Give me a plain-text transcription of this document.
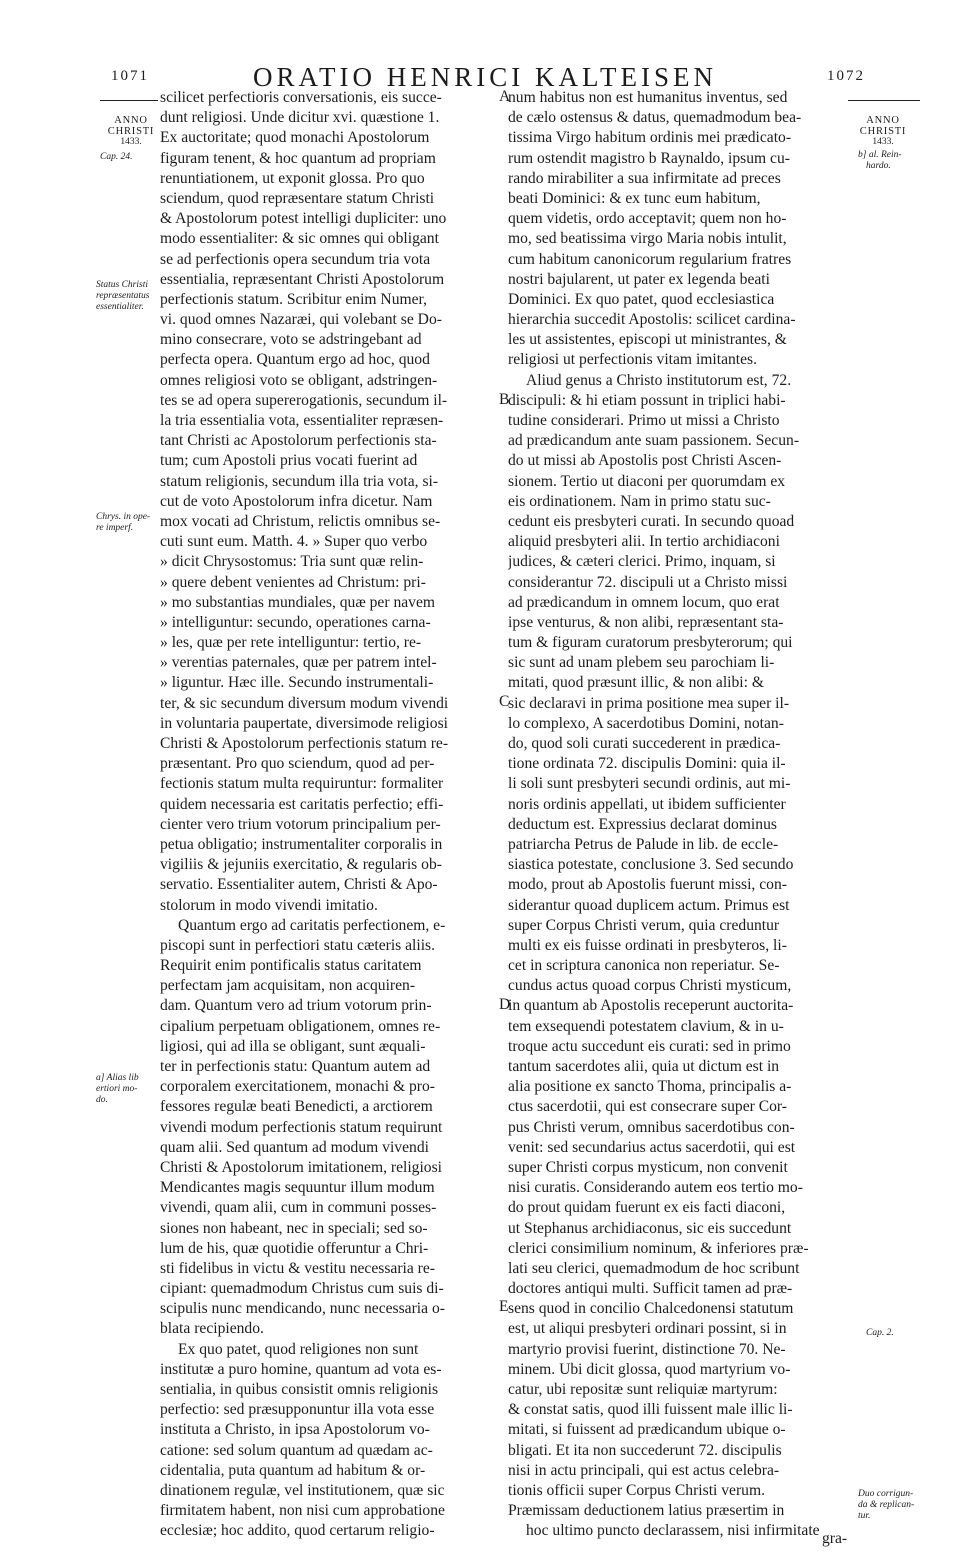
1071	ORATIO HENRICI KALTEISEN	1072
ANNO
CHRISTI
1433.
Cap. 24.
Status Christi
repræsentatus
essentialiter.
Chrys. in ope-
re imperf.
a] Alias lib
ertiori mo-
do.
ANNO
CHRISTI
1433.
b] al. Rein-
hardo.
Cap. 2.
Duo corrigun-
da & replican-
tur.
A
B
C
D
E
scilicet perfectioris conversationis, eis succe-
dunt religiosi. Unde dicitur xvi. quæstione 1.
Ex auctoritate; quod monachi Apostolorum
figuram tenent, & hoc quantum ad propriam
renuntiationem, ut exponit glossa. Pro quo
sciendum, quod repræsentare statum Christi
& Apostolorum potest intelligi dupliciter: uno
modo essentialiter: & sic omnes qui obligant
se ad perfectionis opera secundum tria vota
essentialia, repræsentant Christi Apostolorum
perfectionis statum. Scribitur enim Numer,
vi. quod omnes Nazaræi, qui volebant se Do-
mino consecrare, voto se adstringebant ad
perfecta opera. Quantum ergo ad hoc, quod
omnes religiosi voto se obligant, adstringen-
tes se ad opera supererogationis, secundum il-
la tria essentialia vota, essentialiter repræsen-
tant Christi ac Apostolorum perfectionis sta-
tum; cum Apostoli prius vocati fuerint ad
statum religionis, secundum illa tria vota, si-
cut de voto Apostolorum infra dicetur. Nam
mox vocati ad Christum, relictis omnibus se-
cuti sunt eum. Matth. 4. » Super quo verbo
» dicit Chrysostomus: Tria sunt quæ relin-
» quere debent venientes ad Christum: pri-
» mo substantias mundiales, quæ per navem
» intelliguntur: secundo, operationes carna-
» les, quæ per rete intelliguntur: tertio, re-
» verentias paternales, quæ per patrem intel-
» liguntur. Hæc ille. Secundo instrumentali-
ter, & sic secundum diversum modum vivendi
in voluntaria paupertate, diversimode religiosi
Christi & Apostolorum perfectionis statum re-
præsentant. Pro quo sciendum, quod ad per-
fectionis statum multa requiruntur: formaliter
quidem necessaria est caritatis perfectio; effi-
cienter vero trium votorum principalium per-
petua obligatio; instrumentaliter corporalis in
vigiliis & jejuniis exercitatio, & regularis ob-
servatio. Essentialiter autem, Christi & Apo-
stolorum in modo vivendi imitatio.
Quantum ergo ad caritatis perfectionem, e-
piscopi sunt in perfectiori statu cæteris aliis.
Requirit enim pontificalis status caritatem
perfectam jam acquisitam, non acquiren-
dam. Quantum vero ad trium votorum prin-
cipalium perpetuam obligationem, omnes re-
ligiosi, qui ad illa se obligant, sunt æquali-
ter in perfectionis statu: Quantum autem ad
corporalem exercitationem, monachi & pro-
fessores regulæ beati Benedicti, a arctiorem
vivendi modum perfectionis statum requirunt
quam alii. Sed quantum ad modum vivendi
Christi & Apostolorum imitationem, religiosi
Mendicantes magis sequuntur illum modum
vivendi, quam alii, cum in communi posses-
siones non habeant, nec in speciali; sed so-
lum de his, quæ quotidie offeruntur a Chri-
sti fidelibus in victu & vestitu necessaria re-
cipiant: quemadmodum Christus cum suis di-
scipulis nunc mendicando, nunc necessaria o-
blata recipiendo.
Ex quo patet, quod religiones non sunt
institutæ a puro homine, quantum ad vota es-
sentialia, in quibus consistit omnis religionis
perfectio: sed præsupponuntur illa vota esse
instituta a Christo, in ipsa Apostolorum vo-
catione: sed solum quantum ad quædam ac-
cidentalia, puta quantum ad habitum & or-
dinationem regulæ, vel institutionem, quæ sic
firmitatem habent, non nisi cum approbatione
ecclesiæ; hoc addito, quod certarum religio-
num habitus non est humanitus inventus, sed
de cælo ostensus & datus, quemadmodum bea-
tissima Virgo habitum ordinis mei prædicato-
rum ostendit magistro b Raynaldo, ipsum cu-
rando mirabiliter a sua infirmitate ad preces
beati Dominici: & ex tunc eum habitum,
quem videtis, ordo acceptavit; quem non ho-
mo, sed beatissima virgo Maria nobis intulit,
cum habitum canonicorum regularium fratres
nostri bajularent, ut pater ex legenda beati
Dominici. Ex quo patet, quod ecclesiastica
hierarchia succedit Apostolis: scilicet cardina-
les ut assistentes, episcopi ut ministrantes, &
religiosi ut perfectionis vitam imitantes.
Aliud genus a Christo institutorum est, 72.
discipuli: & hi etiam possunt in triplici habi-
tudine considerari. Primo ut missi a Christo
ad prædicandum ante suam passionem. Secun-
do ut missi ab Apostolis post Christi Ascen-
sionem. Tertio ut diaconi per quorumdam ex
eis ordinationem. Nam in primo statu suc-
cedunt eis presbyteri curati. In secundo quoad
aliquid presbyteri alii. In tertio archidiaconi
judices, & cæteri clerici. Primo, inquam, si
considerantur 72. discipuli ut a Christo missi
ad prædicandum in omnem locum, quo erat
ipse venturus, & non alibi, repræsentant sta-
tum & figuram curatorum presbyterorum; qui
sic sunt ad unam plebem seu parochiam li-
mitati, quod præsunt illic, & non alibi: &
sic declaravi in prima positione mea super il-
lo complexo, A sacerdotibus Domini, notan-
do, quod soli curati succederent in prædica-
tione ordinata 72. discipulis Domini: quia il-
li soli sunt presbyteri secundi ordinis, aut mi-
noris ordinis appellati, ut ibidem sufficienter
deductum est. Expressius declarat dominus
patriarcha Petrus de Palude in lib. de eccle-
siastica potestate, conclusione 3. Sed secundo
modo, prout ab Apostolis fuerunt missi, con-
siderantur quoad duplicem actum. Primus est
super Corpus Christi verum, quia creduntur
multi ex eis fuisse ordinati in presbyteros, li-
cet in scriptura canonica non reperiatur. Se-
cundus actus quoad corpus Christi mysticum,
in quantum ab Apostolis receperunt auctorita-
tem exsequendi potestatem clavium, & in u-
troque actu succedunt eis curati: sed in primo
tantum sacerdotes alii, quia ut dictum est in
alia positione ex sancto Thoma, principalis a-
ctus sacerdotii, qui est consecrare super Cor-
pus Christi verum, omnibus sacerdotibus con-
venit: sed secundarius actus sacerdotii, qui est
super Christi corpus mysticum, non convenit
nisi curatis. Considerando autem eos tertio mo-
do prout quidam fuerunt ex eis facti diaconi,
ut Stephanus archidiaconus, sic eis succedunt
clerici consimilium nominum, & inferiores præ-
lati seu clerici, quemadmodum de hoc scribunt
doctores antiqui multi. Sufficit tamen ad præ-
sens quod in concilio Chalcedonensi statutum
est, ut aliqui presbyteri ordinari possint, si in
martyrio provisi fuerint, distinctione 70. Ne-
minem. Ubi dicit glossa, quod martyrium vo-
catur, ubi repositæ sunt reliquiæ martyrum:
& constat satis, quod illi fuissent male illic li-
mitati, si fuissent ad prædicandum ubique o-
bligati. Et ita non succederunt 72. discipulis
nisi in actu principali, qui est actus celebra-
tionis officii super Corpus Christi verum.
Præmissam deductionem latius præsertim in
hoc ultimo puncto declarassem, nisi infirmitate gra-
